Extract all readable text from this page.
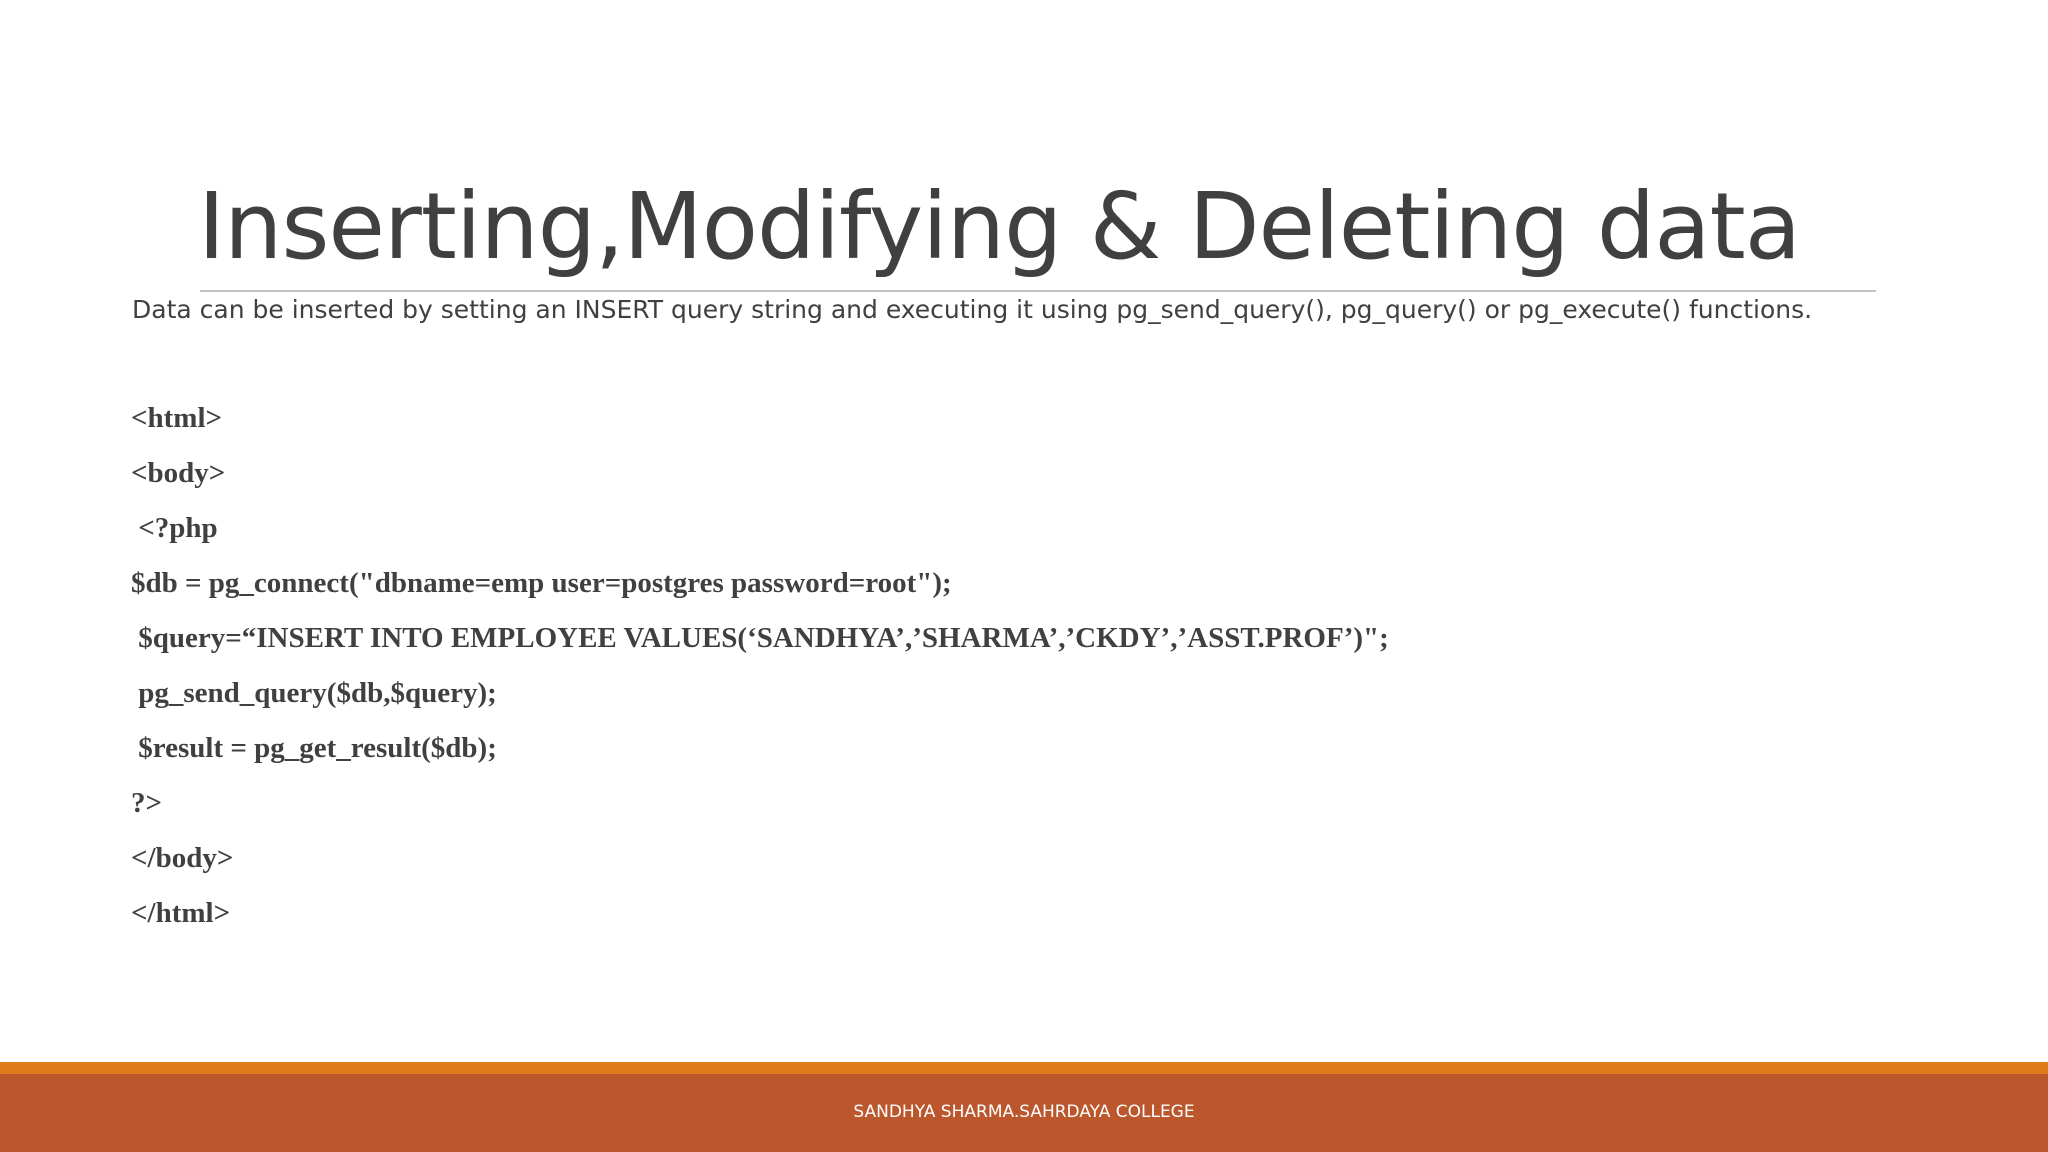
Inserting,Modifying & Deleting data
Data can be inserted by setting an INSERT query string and executing it using pg_send_query(), pg_query() or pg_execute() functions.
<html>
<body>
<?php
$db = pg_connect("dbname=emp user=postgres password=root");
$query=“INSERT INTO EMPLOYEE VALUES(‘SANDHYA’,’SHARMA’,’CKDY’,’ASST.PROF’)";
pg_send_query($db,$query);
$result = pg_get_result($db);
?>
</body>
</html>
SANDHYA SHARMA.SAHRDAYA COLLEGE
